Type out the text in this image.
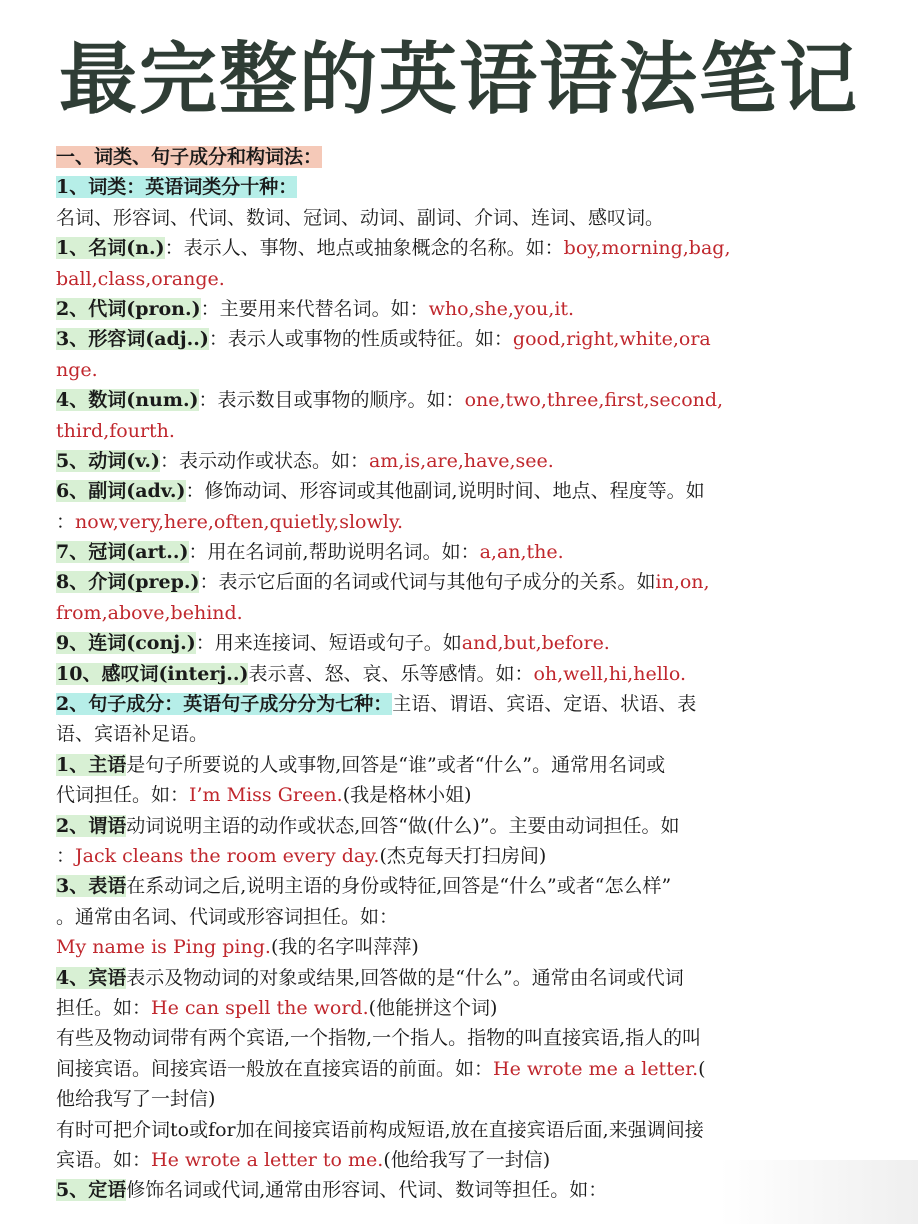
最完整的英语语法笔记
一、词类、句子成分和构词法：
1、词类：英语词类分十种：
名词、形容词、代词、数词、冠词、动词、副词、介词、连词、感叹词。
1、名词(n.)：表示人、事物、地点或抽象概念的名称。如：boy,morning,bag,
ball,class,orange.
2、代词(pron.)：主要用来代替名词。如：who,she,you,it.
3、形容词(adj..)：表示人或事物的性质或特征。如：good,right,white,ora
nge.
4、数词(num.)：表示数目或事物的顺序。如：one,two,three,first,second,
third,fourth.
5、动词(v.)：表示动作或状态。如：am,is,are,have,see.
6、副词(adv.)：修饰动词、形容词或其他副词,说明时间、地点、程度等。如
：now,very,here,often,quietly,slowly.
7、冠词(art..)：用在名词前,帮助说明名词。如：a,an,the.
8、介词(prep.)：表示它后面的名词或代词与其他句子成分的关系。如in,on,
from,above,behind.
9、连词(conj.)：用来连接词、短语或句子。如and,but,before.
10、感叹词(interj..)表示喜、怒、哀、乐等感情。如：oh,well,hi,hello.
2、句子成分：英语句子成分分为七种：主语、谓语、宾语、定语、状语、表
语、宾语补足语。
1、主语是句子所要说的人或事物,回答是“谁”或者“什么”。通常用名词或
代词担任。如：I’m Miss Green.(我是格林小姐)
2、谓语动词说明主语的动作或状态,回答“做(什么)”。主要由动词担任。如
：Jack cleans the room every day.(杰克每天打扫房间)
3、表语在系动词之后,说明主语的身份或特征,回答是“什么”或者“怎么样”
。通常由名词、代词或形容词担任。如：
My name is Ping ping.(我的名字叫萍萍)
4、宾语表示及物动词的对象或结果,回答做的是“什么”。通常由名词或代词
担任。如：He can spell the word.(他能拼这个词)
有些及物动词带有两个宾语,一个指物,一个指人。指物的叫直接宾语,指人的叫
间接宾语。间接宾语一般放在直接宾语的前面。如：He wrote me a letter.(
他给我写了一封信)
有时可把介词to或for加在间接宾语前构成短语,放在直接宾语后面,来强调间接
宾语。如：He wrote a letter to me.(他给我写了一封信)
5、定语修饰名词或代词,通常由形容词、代词、数词等担任。如：
